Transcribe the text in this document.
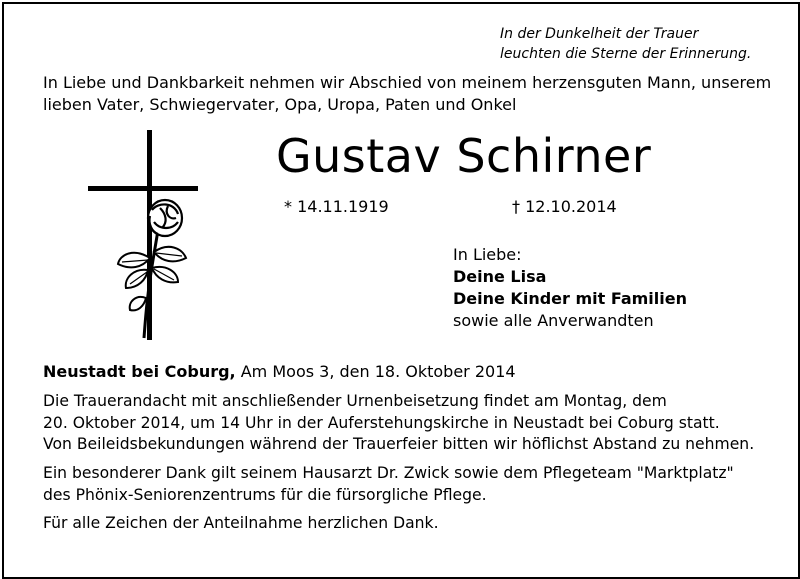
In der Dunkelheit der Trauer
leuchten die Sterne der Erinnerung.
In Liebe und Dankbarkeit nehmen wir Abschied von meinem herzensguten Mann, unserem
lieben Vater, Schwiegervater, Opa, Uropa, Paten und Onkel
Gustav Schirner
* 14.11.1919	† 12.10.2014
In Liebe:
Deine Lisa
Deine Kinder mit Familien
sowie alle Anverwandten
Neustadt bei Coburg, Am Moos 3, den 18. Oktober 2014
Die Trauerandacht mit anschließender Urnenbeisetzung findet am Montag, dem
20. Oktober 2014, um 14 Uhr in der Auferstehungskirche in Neustadt bei Coburg statt.
Von Beileidsbekundungen während der Trauerfeier bitten wir höflichst Abstand zu nehmen.
Ein besonderer Dank gilt seinem Hausarzt Dr. Zwick sowie dem Pflegeteam "Marktplatz"
des Phönix-Seniorenzentrums für die fürsorgliche Pflege.
Für alle Zeichen der Anteilnahme herzlichen Dank.
